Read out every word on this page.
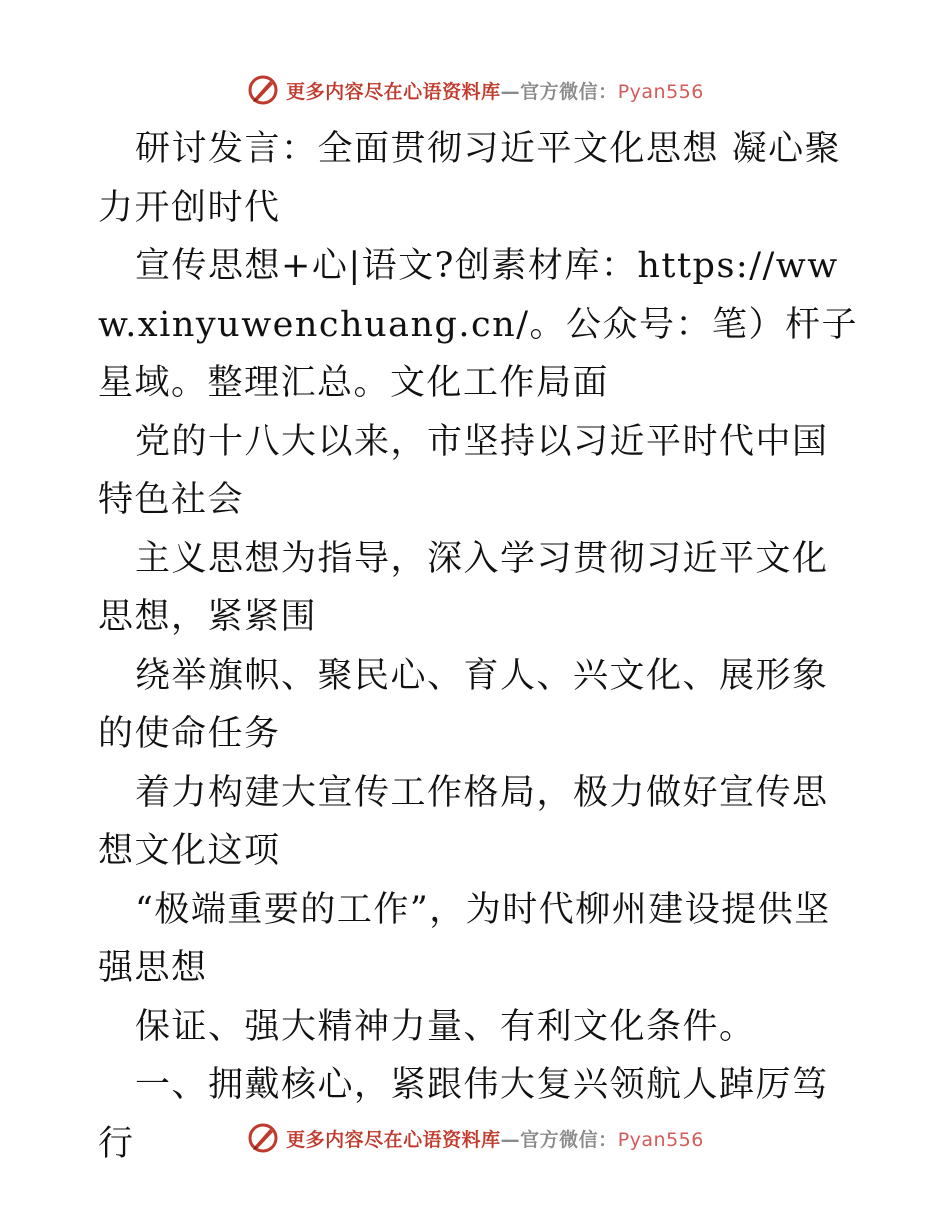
更多内容尽在心语资料库—官方微信：Pyan556

研讨发言：全面贯彻习近平文化思想 凝心聚力开创时代

宣传思想+心|语文?创素材库：https://www.xinyuwenchuang.cn/。公众号：笔）杆子星域。整理汇总。文化工作局面

党的十八大以来，市坚持以习近平时代中国特色社会

主义思想为指导，深入学习贯彻习近平文化思想，紧紧围

绕举旗帜、聚民心、育人、兴文化、展形象的使命任务

着力构建大宣传工作格局，极力做好宣传思想文化这项

“极端重要的工作”，为时代柳州建设提供坚强思想

保证、强大精神力量、有利文化条件。

一、拥戴核心，紧跟伟大复兴领航人踔厉笃行	更多内容尽在心语资料库—官方微信：Pyan556
